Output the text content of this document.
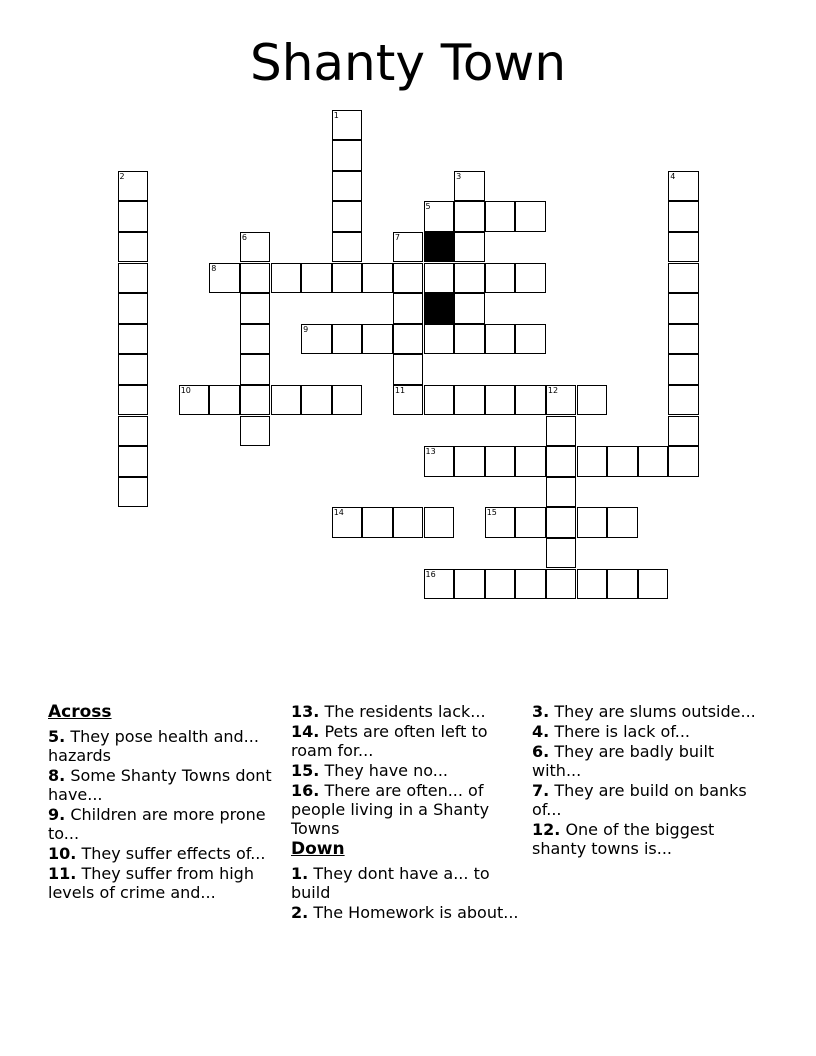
Shanty Town
1
2	3	4
5
6	7
8
9
10	11	12
13
14	15
16
Across
5. They pose health and... hazards
8. Some Shanty Towns dont have...
9. Children are more prone to...
10. They suffer effects of...
11. They suffer from high levels of crime and...
13. The residents lack...
14. Pets are often left to roam for...
15. They have no...
16. There are often... of people living in a Shanty Towns
Down
1. They dont have a... to build
2. The Homework is about...
3. They are slums outside...
4. There is lack of...
6. They are badly built with...
7. They are build on banks of...
12. One of the biggest shanty towns is...
